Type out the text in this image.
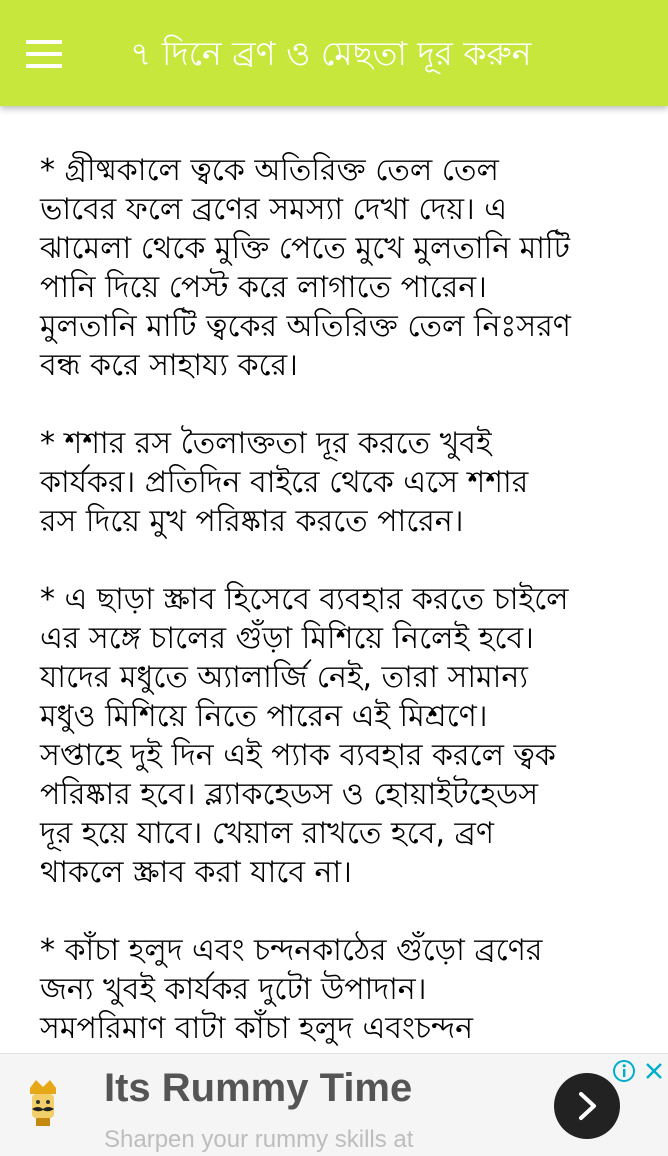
৭ দিনে ব্রণ ও মেছতা দূর করুন

* গ্রীষ্মকালে ত্বকে অতিরিক্ত তেল তেল
ভাবের ফলে ব্রণের সমস্যা দেখা দেয়। এ
ঝামেলা থেকে মুক্তি পেতে মুখে মুলতানি মাটি
পানি দিয়ে পেস্ট করে লাগাতে পারেন।
মুলতানি মাটি ত্বকের অতিরিক্ত তেল নিঃসরণ
বন্ধ করে সাহায্য করে।

* শশার রস তৈলাক্ততা দূর করতে খুবই
কার্যকর। প্রতিদিন বাইরে থেকে এসে শশার
রস দিয়ে মুখ পরিষ্কার করতে পারেন।

* এ ছাড়া স্ক্রাব হিসেবে ব্যবহার করতে চাইলে
এর সঙ্গে চালের গুঁড়া মিশিয়ে নিলেই হবে।
যাদের মধুতে অ্যালার্জি নেই, তারা সামান্য
মধুও মিশিয়ে নিতে পারেন এই মিশ্রণে।
সপ্তাহে দুই দিন এই প্যাক ব্যবহার করলে ত্বক
পরিষ্কার হবে। ব্ল্যাকহেডস ও হোয়াইটহেডস
দূর হয়ে যাবে। খেয়াল রাখতে হবে, ব্রণ
থাকলে স্ক্রাব করা যাবে না।

* কাঁচা হলুদ এবং চন্দনকাঠের গুঁড়ো ব্রণের
জন্য খুবই কার্যকর দুটো উপাদান।
সমপরিমাণ বাটা কাঁচা হলুদ এবংচন্দন

Its Rummy Time
Sharpen your rummy skills at
